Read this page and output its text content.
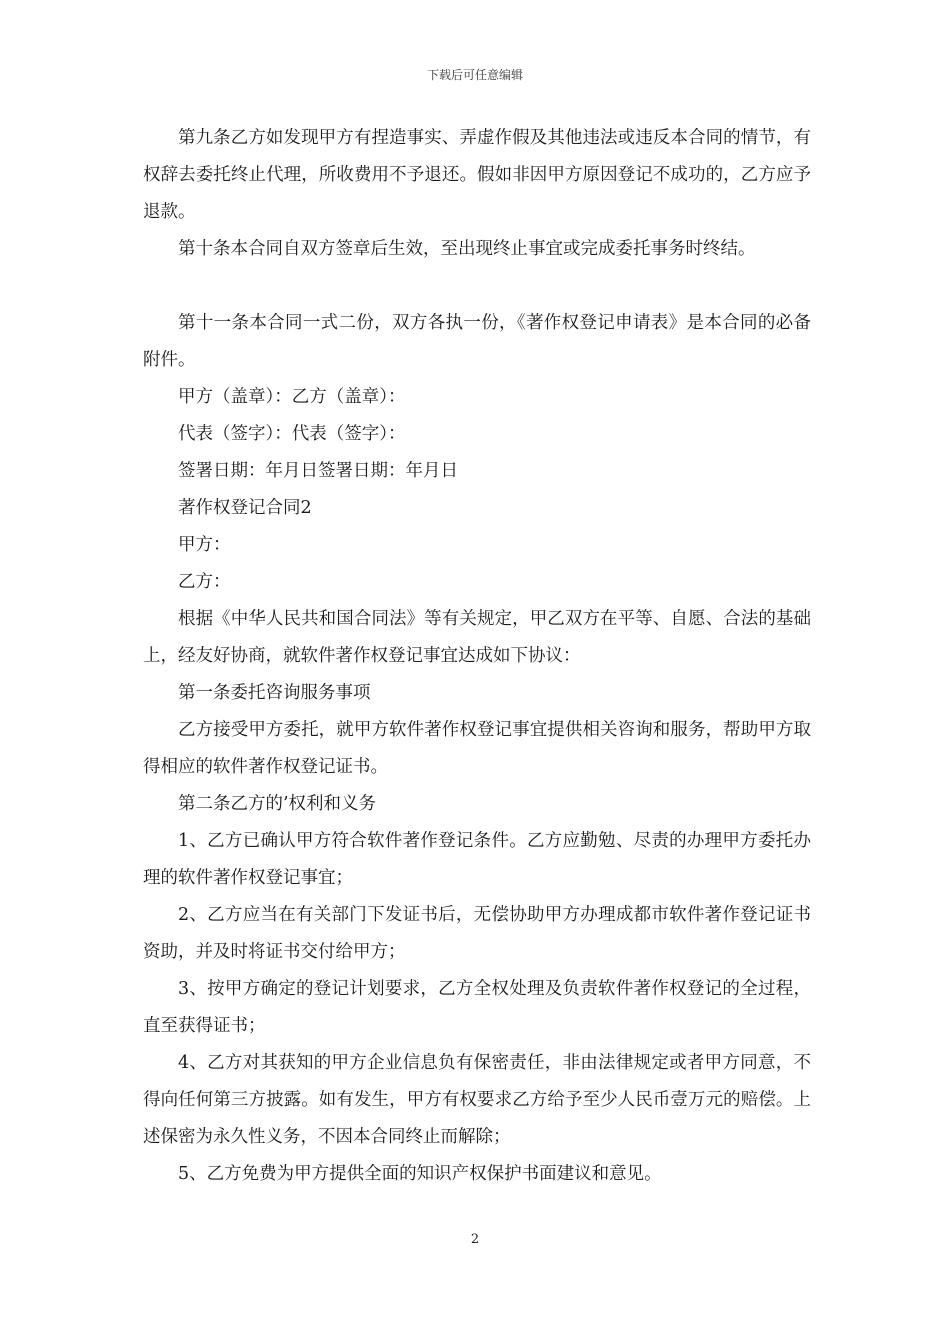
下载后可任意编辑

第九条乙方如发现甲方有捏造事实、弄虚作假及其他违法或违反本合同的情节，有权辞去委托终止代理，所收费用不予退还。假如非因甲方原因登记不成功的，乙方应予退款。

第十条本合同自双方签章后生效，至出现终止事宜或完成委托事务时终结。

第十一条本合同一式二份，双方各执一份，《著作权登记申请表》是本合同的必备附件。

甲方（盖章）：乙方（盖章）：

代表（签字）：代表（签字）：

签署日期：年月日签署日期：年月日

著作权登记合同2

甲方：

乙方：

根据《中华人民共和国合同法》等有关规定，甲乙双方在平等、自愿、合法的基础上，经友好协商，就软件著作权登记事宜达成如下协议：

第一条委托咨询服务事项

乙方接受甲方委托，就甲方软件著作权登记事宜提供相关咨询和服务，帮助甲方取得相应的软件著作权登记证书。

第二条乙方的’权利和义务

1、乙方已确认甲方符合软件著作登记条件。乙方应勤勉、尽责的办理甲方委托办理的软件著作权登记事宜；

2、乙方应当在有关部门下发证书后，无偿协助甲方办理成都市软件著作登记证书资助，并及时将证书交付给甲方；

3、按甲方确定的登记计划要求，乙方全权处理及负责软件著作权登记的全过程，直至获得证书；

4、乙方对其获知的甲方企业信息负有保密责任，非由法律规定或者甲方同意，不得向任何第三方披露。如有发生，甲方有权要求乙方给予至少人民币壹万元的赔偿。上述保密为永久性义务，不因本合同终止而解除；

5、乙方免费为甲方提供全面的知识产权保护书面建议和意见。

2
